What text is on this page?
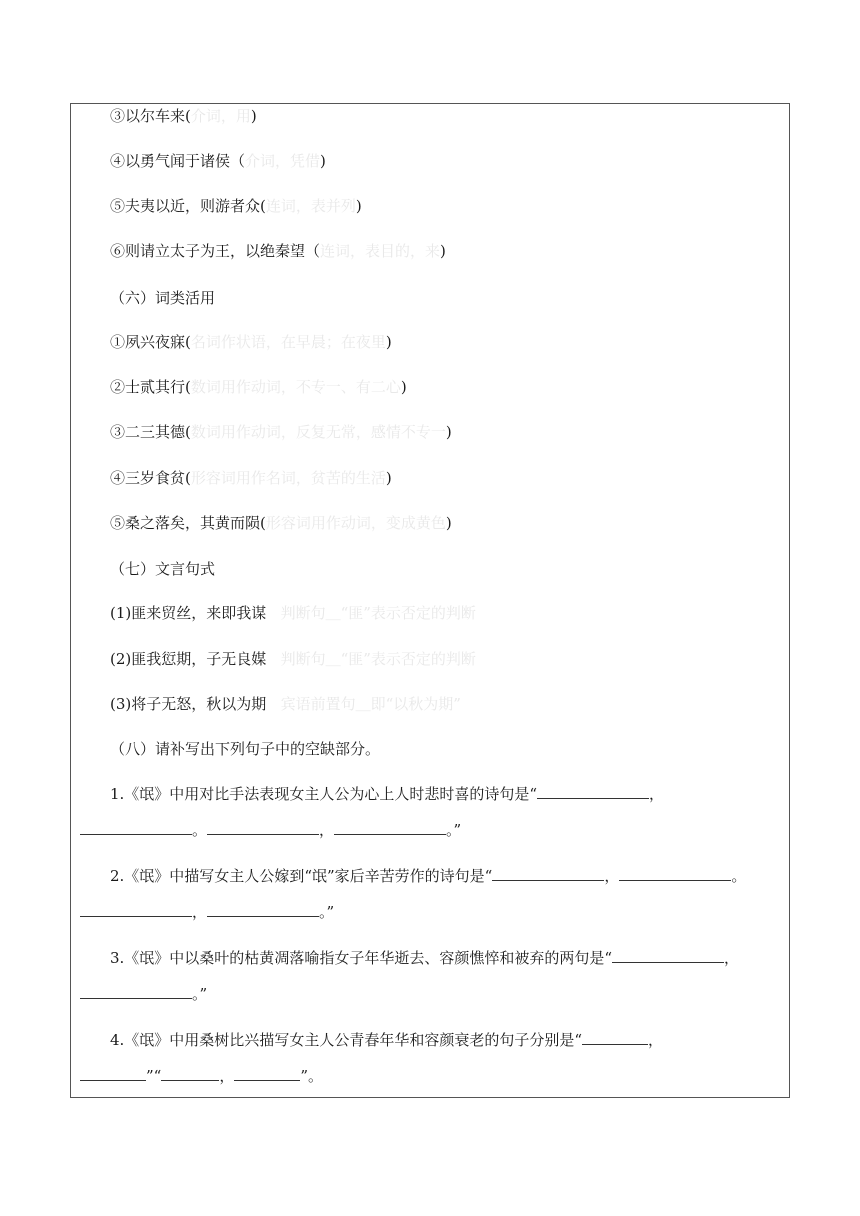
③以尔车来(介词，用)
④以勇气闻于诸侯（介词，凭借)
⑤夫夷以近，则游者众(连词，表并列)
⑥则请立太子为王，以绝秦望（连词，表目的，来)
（六）词类活用
①夙兴夜寐(名词作状语，在早晨；在夜里)
②士贰其行(数词用作动词，不专一、有二心)
③二三其德(数词用作动词，反复无常，感情不专一)
④三岁食贫(形容词用作名词，贫苦的生活)
⑤桑之落矣，其黄而陨(形容词用作动词，变成黄色)
（七）文言句式
(1)匪来贸丝，来即我谋 判断句＿“匪”表示否定的判断
(2)匪我愆期，子无良媒 判断句＿“匪”表示否定的判断
(3)将子无怒，秋以为期 宾语前置句＿即“以秋为期”
（八）请补写出下列句子中的空缺部分。
1.《氓》中用对比手法表现女主人公为心上人时悲时喜的诗句是“	，
。	，	。”
2.《氓》中描写女主人公嫁到“氓”家后辛苦劳作的诗句是“	，	。
，	。”
3.《氓》中以桑叶的枯黄凋落喻指女子年华逝去、容颜憔悴和被弃的两句是“	，
。”
4.《氓》中用桑树比兴描写女主人公青春年华和容颜衰老的句子分别是“	，
”“	，	”。
